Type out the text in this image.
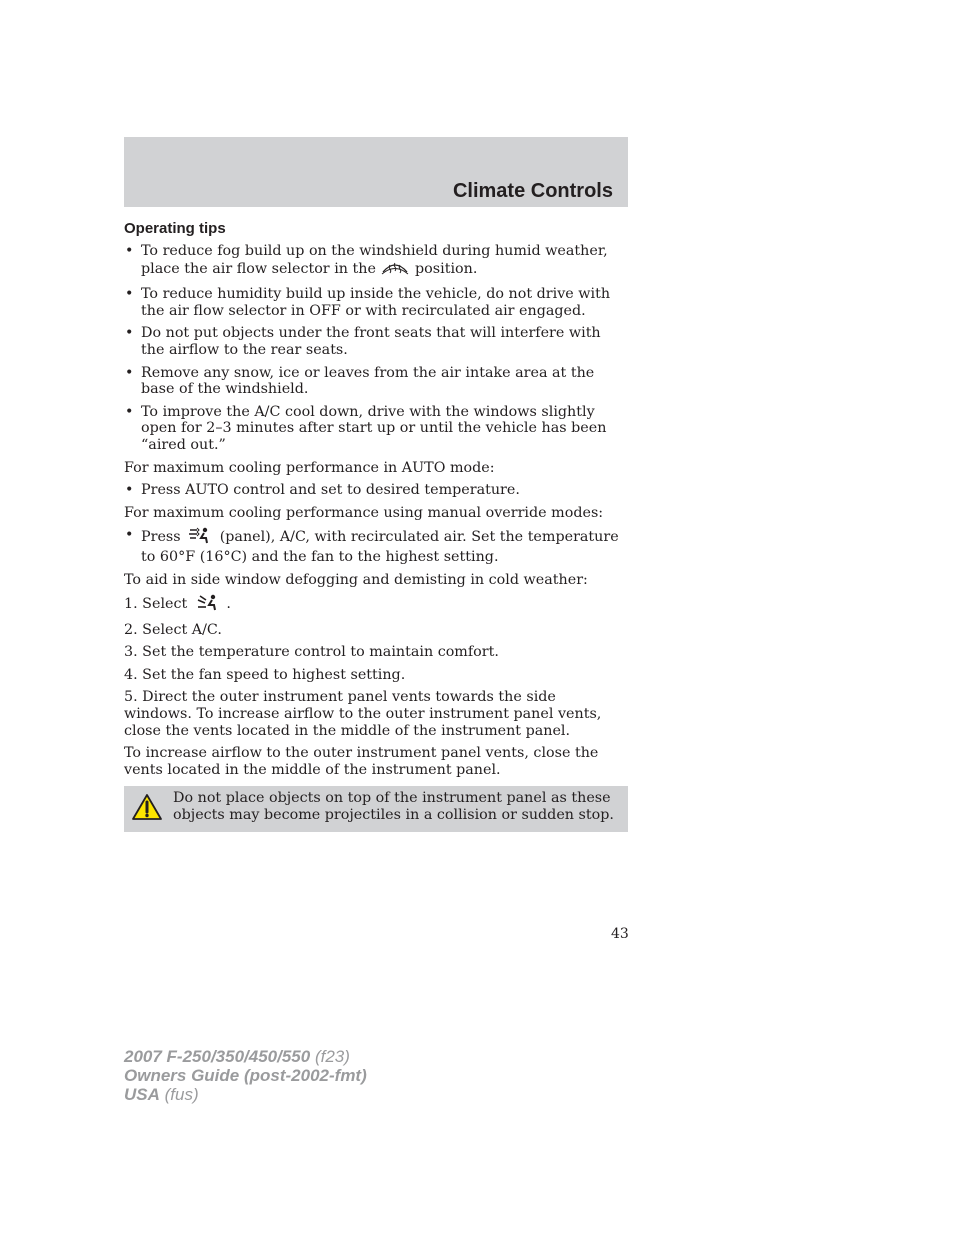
Climate Controls
Operating tips
• To reduce fog build up on the windshield during humid weather, place the air flow selector in the	position.
• To reduce humidity build up inside the vehicle, do not drive with the air flow selector in OFF or with recirculated air engaged.
• Do not put objects under the front seats that will interfere with the airflow to the rear seats.
• Remove any snow, ice or leaves from the air intake area at the base of the windshield.
• To improve the A/C cool down, drive with the windows slightly open for 2–3 minutes after start up or until the vehicle has been “aired out.”
For maximum cooling performance in AUTO mode:
• Press AUTO control and set to desired temperature.
For maximum cooling performance using manual override modes:
• Press	(panel), A/C, with recirculated air. Set the temperature to 60°F (16°C) and the fan to the highest setting.
To aid in side window defogging and demisting in cold weather:
1. Select	.
2. Select A/C.
3. Set the temperature control to maintain comfort.
4. Set the fan speed to highest setting.
5. Direct the outer instrument panel vents towards the side windows. To increase airflow to the outer instrument panel vents, close the vents located in the middle of the instrument panel.
To increase airflow to the outer instrument panel vents, close the vents located in the middle of the instrument panel.
Do not place objects on top of the instrument panel as these objects may become projectiles in a collision or sudden stop.
43
2007 F-250/350/450/550 (f23)
Owners Guide (post-2002-fmt)
USA (fus)
